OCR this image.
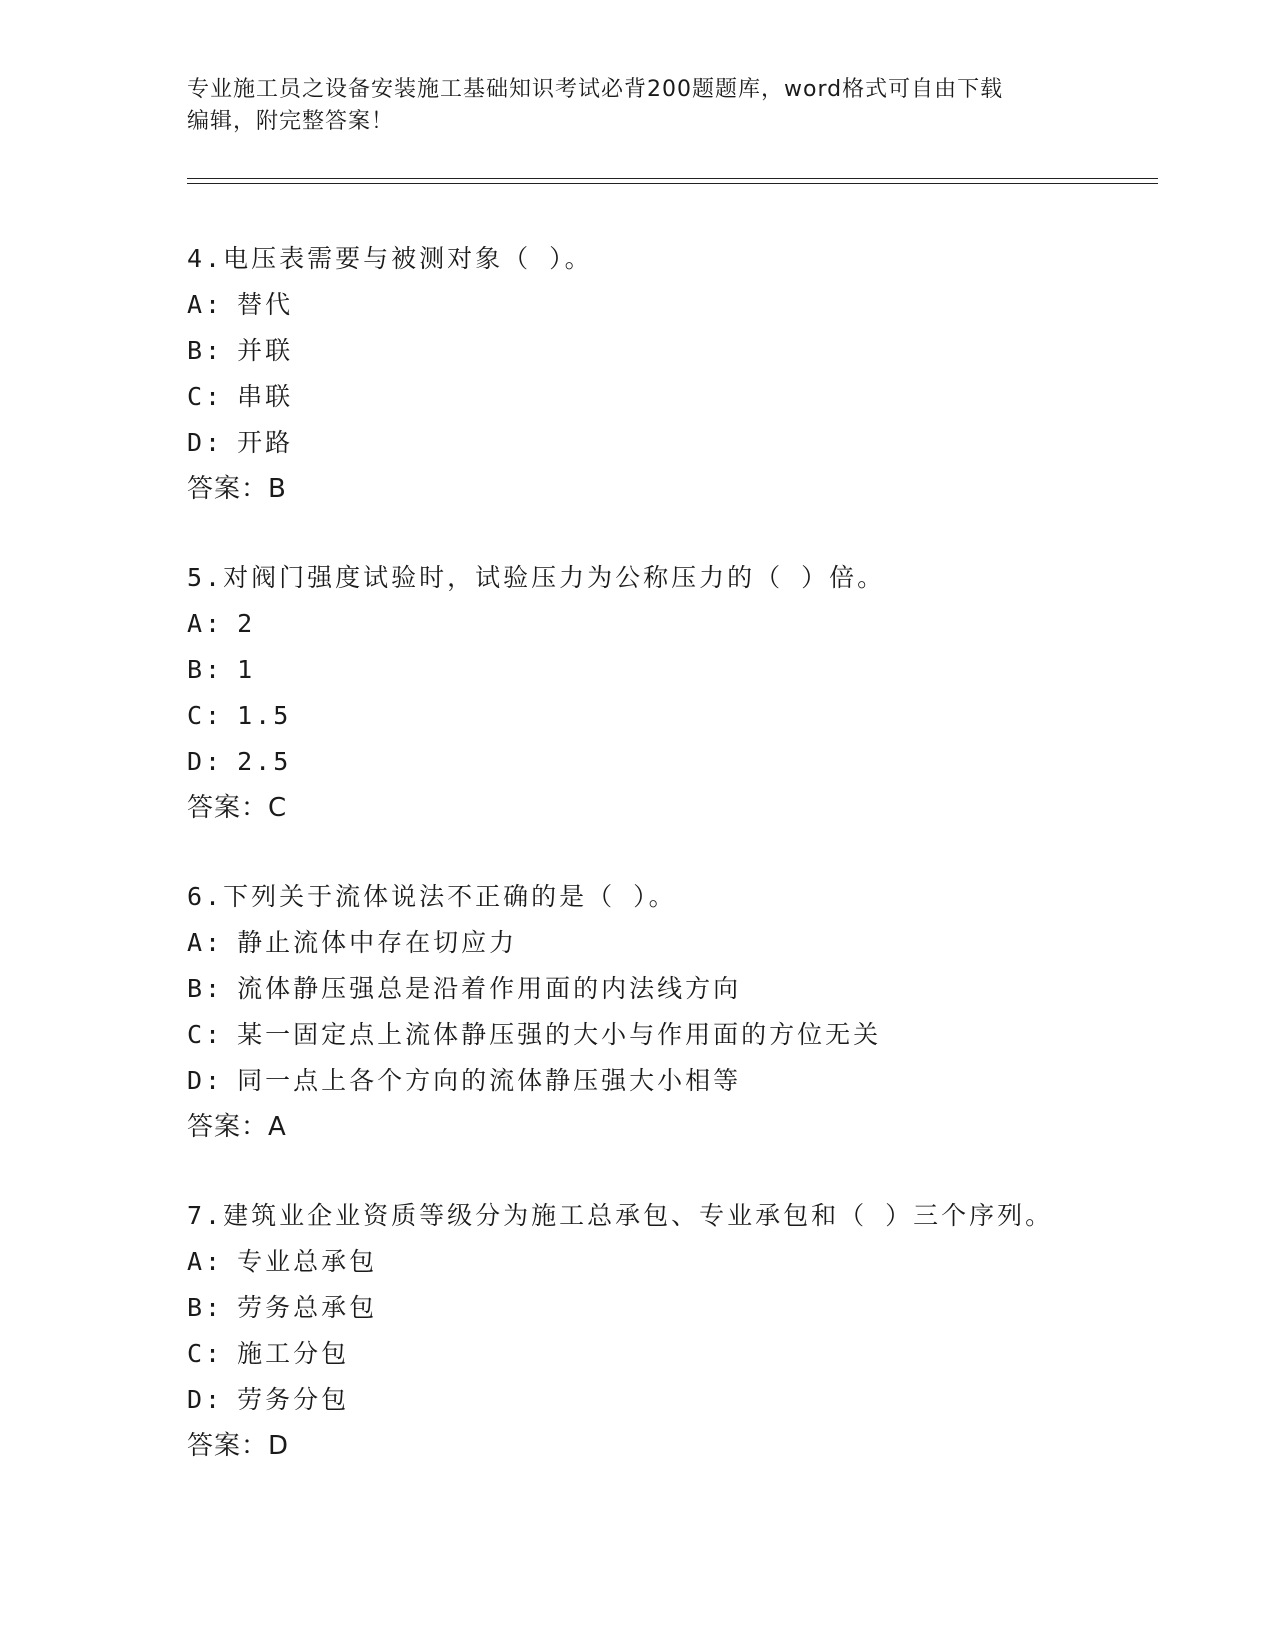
专业施工员之设备安装施工基础知识考试必背200题题库，word格式可自由下载
编辑，附完整答案！
4.电压表需要与被测对象（ ）。
A: 替代
B: 并联
C: 串联
D: 开路
答案：B
5.对阀门强度试验时，试验压力为公称压力的（ ）倍。
A: 2
B: 1
C: 1.5
D: 2.5
答案：C
6.下列关于流体说法不正确的是（ ）。
A: 静止流体中存在切应力
B: 流体静压强总是沿着作用面的内法线方向
C: 某一固定点上流体静压强的大小与作用面的方位无关
D: 同一点上各个方向的流体静压强大小相等
答案：A
7.建筑业企业资质等级分为施工总承包、专业承包和（ ）三个序列。
A: 专业总承包
B: 劳务总承包
C: 施工分包
D: 劳务分包
答案：D
